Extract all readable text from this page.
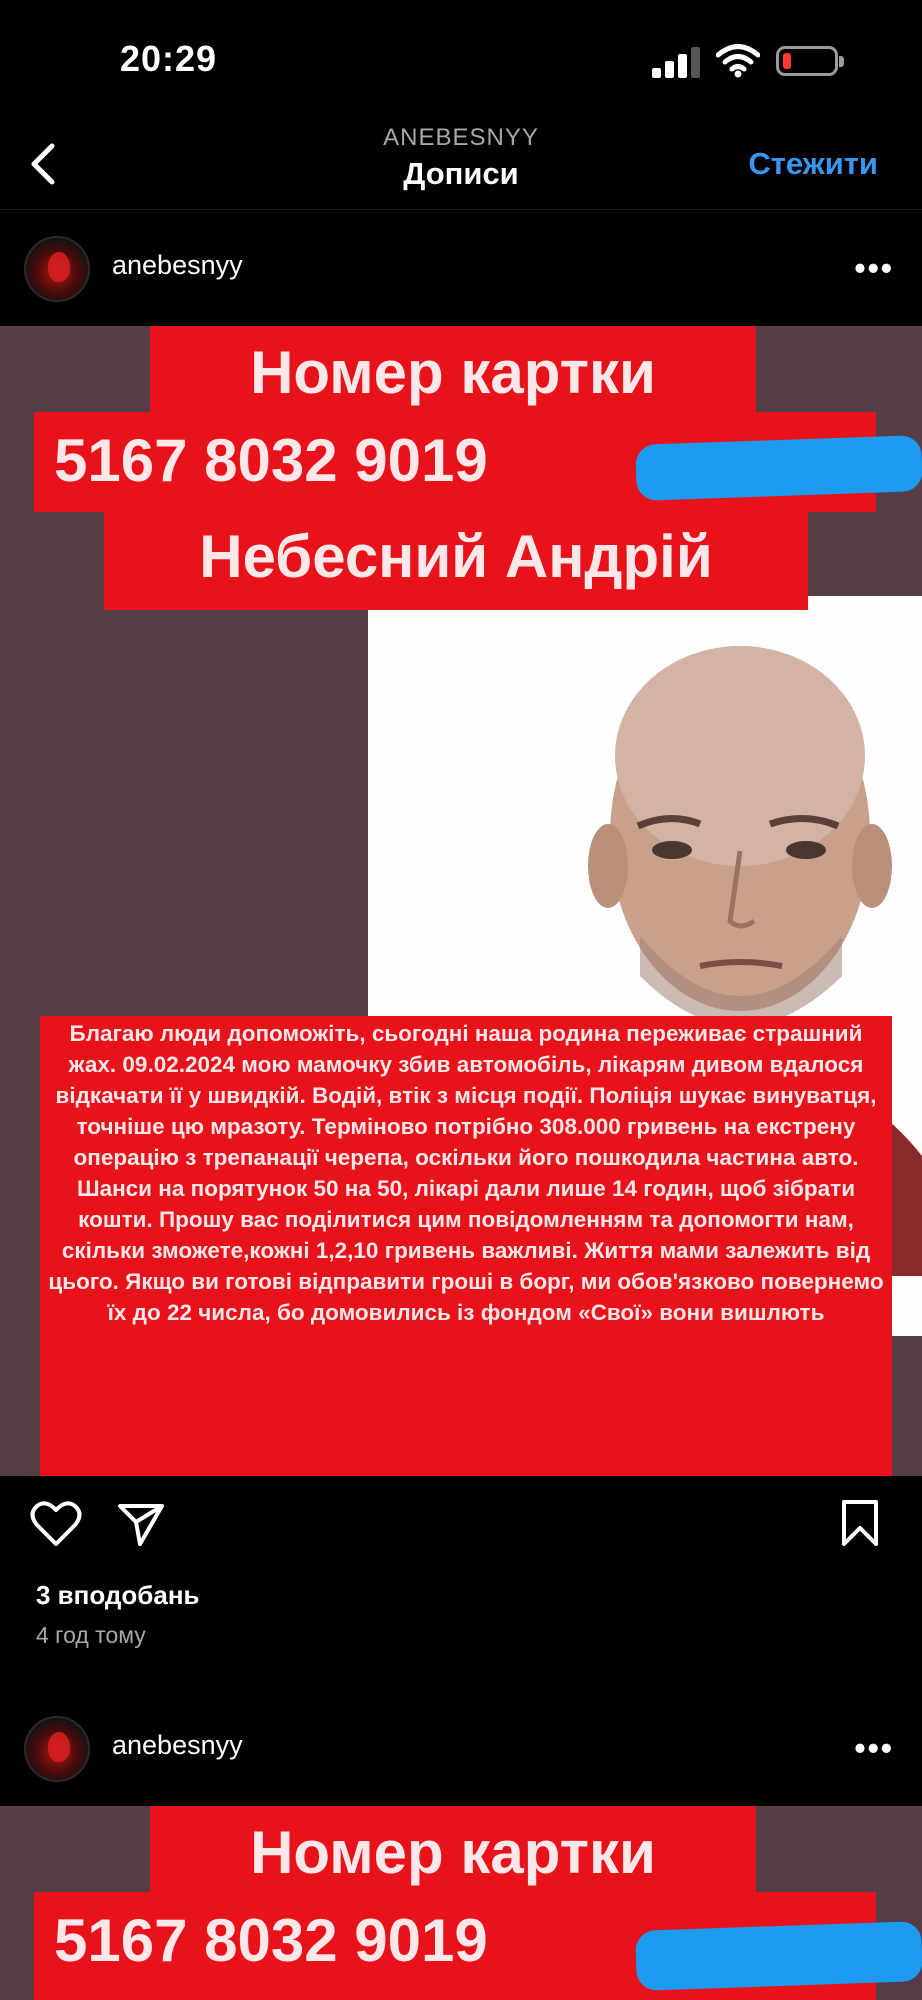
20:29
ANEBESNYY
Дописи	Стежити
anebesnyy	•••
Номер картки
5167 8032 9019
Небесний Андрій
Благаю люди допоможіть, сьогодні наша родина переживає страшний жах. 09.02.2024 мою мамочку збив автомобіль, лікарям дивом вдалося відкачати її у швидкій. Водій, втік з місця події. Поліція шукає винуватця, точніше цю мразоту. Терміново потрібно 308.000 гривень на екстрену операцію з трепанації черепа, оскільки його пошкодила частина авто. Шанси на порятунок 50 на 50, лікарі дали лише 14 годин, щоб зібрати кошти. Прошу вас поділитися цим повідомленням та допомогти нам, скільки зможете,кожні 1,2,10 гривень важливі. Життя мами залежить від цього. Якщо ви готові відправити гроші в борг, ми обов'язково повернемо їх до 22 числа, бо домовились із фондом «Свої» вони вишлють
3 вподобань
4 год тому
anebesnyy	•••
Номер картки
5167 8032 9019
